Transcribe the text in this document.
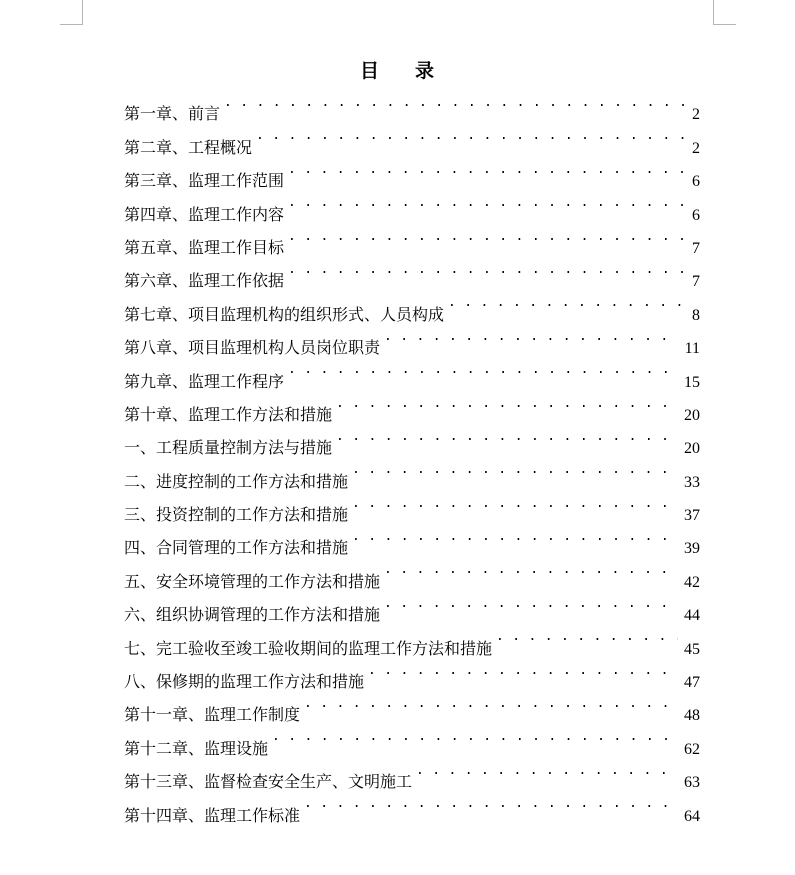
目 录
第一章、前言 . . .	2
第二章、工程概况 . . .	2
第三章、监理工作范围 . . .	6
第四章、监理工作内容 . . .	6
第五章、监理工作目标 . . .	7
第六章、监理工作依据 . . .	7
第七章、项目监理机构的组织形式、人员构成 . . .	8
第八章、项目监理机构人员岗位职责 . . .	11
第九章、监理工作程序 . . .	15
第十章、监理工作方法和措施 . . .	20
一、工程质量控制方法与措施 . . .	20
二、进度控制的工作方法和措施 . . .	33
三、投资控制的工作方法和措施 . . .	37
四、合同管理的工作方法和措施 . . .	39
五、安全环境管理的工作方法和措施 . . .	42
六、组织协调管理的工作方法和措施 . . .	44
七、完工验收至竣工验收期间的监理工作方法和措施 . . .	45
八、保修期的监理工作方法和措施 . . .	47
第十一章、监理工作制度 . . .	48
第十二章、监理设施 . . .	62
第十三章、监督检查安全生产、文明施工 . . .	63
第十四章、监理工作标准 . . .	64
